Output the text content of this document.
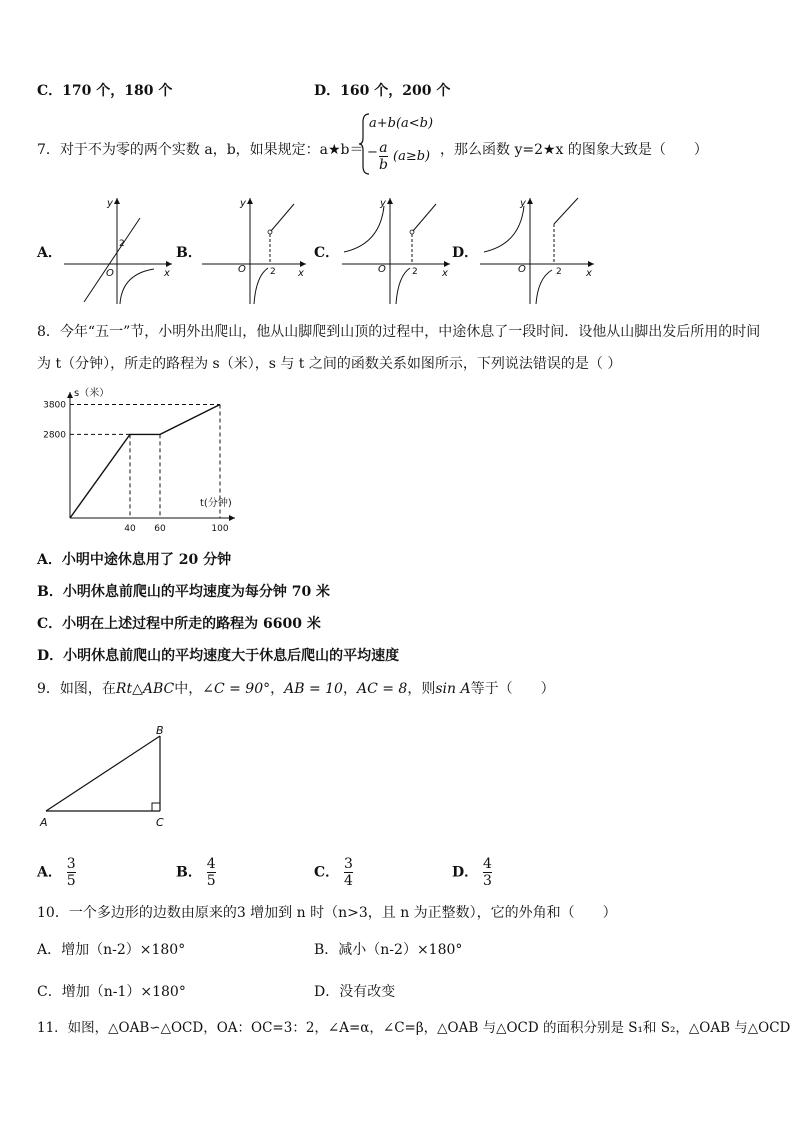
C．170 个，180 个	D．160 个，200 个
7．对于不为零的两个实数 a，b，如果规定：a★b＝
a+b(a<b)
− $\frac{a}{b} (a\ge b)$ ，那么函数 y=2★x 的图象大致是（　　）
A．
x
y
O
2
B．
x
y
O	2
C．
x
y
O	2
D．
x
y
O	2
8．今年“五一”节，小明外出爬山，他从山脚爬到山顶的过程中，中途休息了一段时间．设他从山脚出发后所用的时间
为 t（分钟），所走的路程为 s（米），s 与 t 之间的函数关系如图所示，下列说法错误的是（ ）
s（米）
t(分钟)
2800
3800
40 60	100
A．小明中途休息用了 20 分钟
B．小明休息前爬山的平均速度为每分钟 70 米
C．小明在上述过程中所走的路程为 6600 米
D．小明休息前爬山的平均速度大于休息后爬山的平均速度
9．如图，在Rt△ABC中，∠C = 90°，AB = 10，AC = 8，则sin A等于（　　）
A
B
C
A． $\frac{3}{5}$	B． $\frac{4}{5}$	C． $\frac{3}{4}$	D． $\frac{4}{3}$
10．一个多边形的边数由原来的3 增加到 n 时（n>3，且 n 为正整数），它的外角和（　　）
A．增加（n-2）×180°	B．减小（n-2）×180°
C．增加（n-1）×180°	D．没有改变
11．如图，△OAB∽△OCD，OA：OC=3：2，∠A=α，∠C=β，△OAB 与△OCD 的面积分别是 S₁和 S₂，△OAB 与△OCD
